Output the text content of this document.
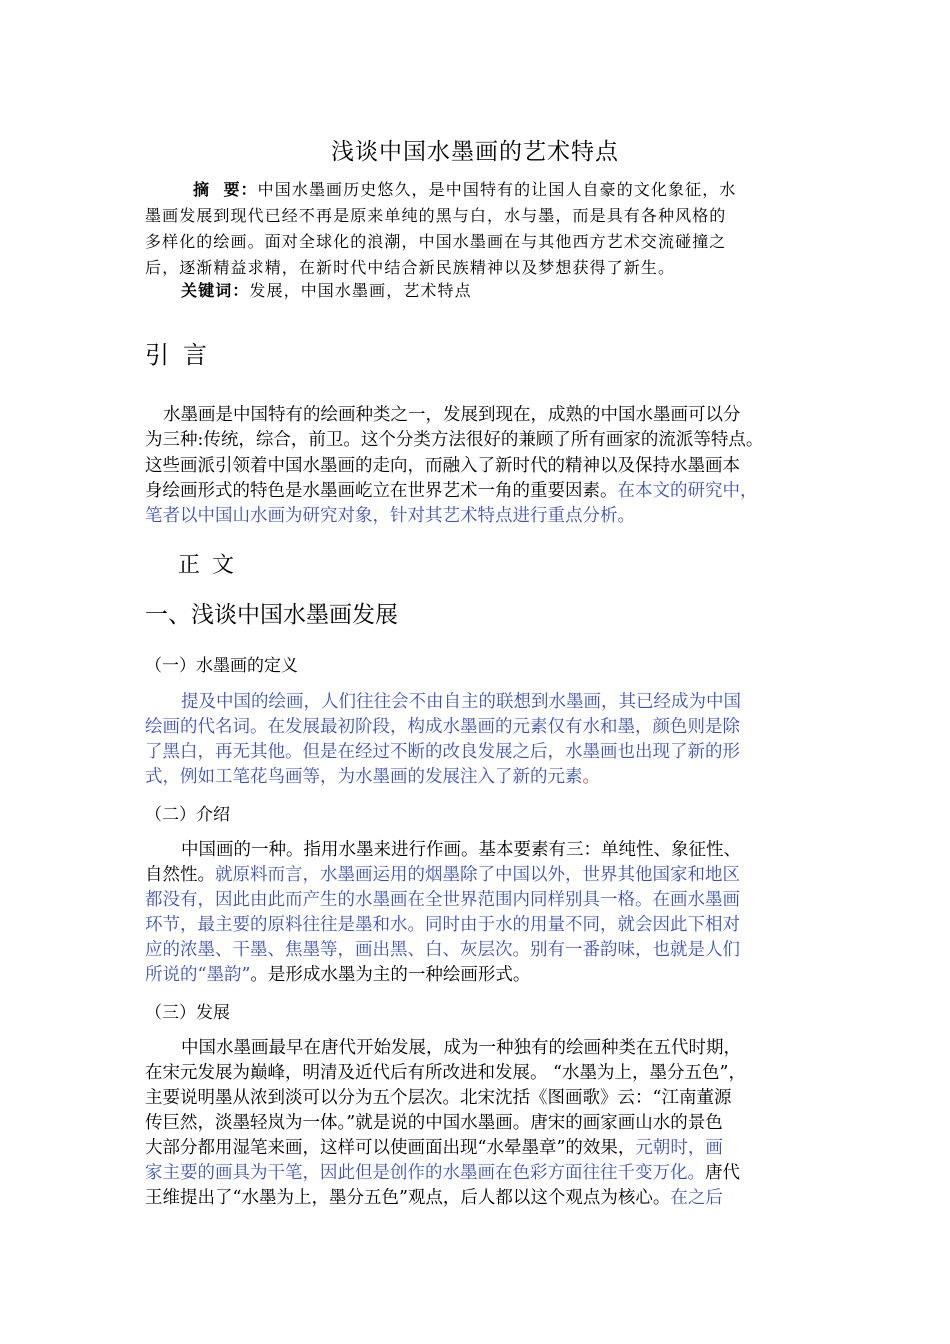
浅谈中国水墨画的艺术特点
摘  要：中国水墨画历史悠久，是中国特有的让国人自豪的文化象征，水
墨画发展到现代已经不再是原来单纯的黑与白，水与墨，而是具有各种风格的
多样化的绘画。面对全球化的浪潮，中国水墨画在与其他西方艺术交流碰撞之
后，逐渐精益求精，在新时代中结合新民族精神以及梦想获得了新生。
关键词：发展，中国水墨画，艺术特点
引言
水墨画是中国特有的绘画种类之一，发展到现在，成熟的中国水墨画可以分
为三种:传统，综合，前卫。这个分类方法很好的兼顾了所有画家的流派等特点。
这些画派引领着中国水墨画的走向，而融入了新时代的精神以及保持水墨画本
身绘画形式的特色是水墨画屹立在世界艺术一角的重要因素。在本文的研究中，
笔者以中国山水画为研究对象，针对其艺术特点进行重点分析。
正文
一、浅谈中国水墨画发展
（一）水墨画的定义
提及中国的绘画，人们往往会不由自主的联想到水墨画，其已经成为中国
绘画的代名词。在发展最初阶段，构成水墨画的元素仅有水和墨，颜色则是除
了黑白，再无其他。但是在经过不断的改良发展之后，水墨画也出现了新的形
式，例如工笔花鸟画等，为水墨画的发展注入了新的元素。
（二）介绍
中国画的一种。指用水墨来进行作画。基本要素有三：单纯性、象征性、
自然性。就原料而言，水墨画运用的烟墨除了中国以外，世界其他国家和地区
都没有，因此由此而产生的水墨画在全世界范围内同样别具一格。在画水墨画
环节，最主要的原料往往是墨和水。同时由于水的用量不同，就会因此下相对
应的浓墨、干墨、焦墨等，画出黑、白、灰层次。别有一番韵味，也就是人们
所说的“墨韵”。是形成水墨为主的一种绘画形式。
（三）发展
中国水墨画最早在唐代开始发展，成为一种独有的绘画种类在五代时期，
在宋元发展为巅峰，明清及近代后有所改进和发展。 “水墨为上，墨分五色”，
主要说明墨从浓到淡可以分为五个层次。北宋沈括《图画歌》云：“江南董源
传巨然，淡墨轻岚为一体。”就是说的中国水墨画。唐宋的画家画山水的景色
大部分都用湿笔来画，这样可以使画面出现“水晕墨章”的效果，元朝时，画
家主要的画具为干笔，因此但是创作的水墨画在色彩方面往往千变万化。唐代
王维提出了“水墨为上，墨分五色”观点，后人都以这个观点为核心。在之后
